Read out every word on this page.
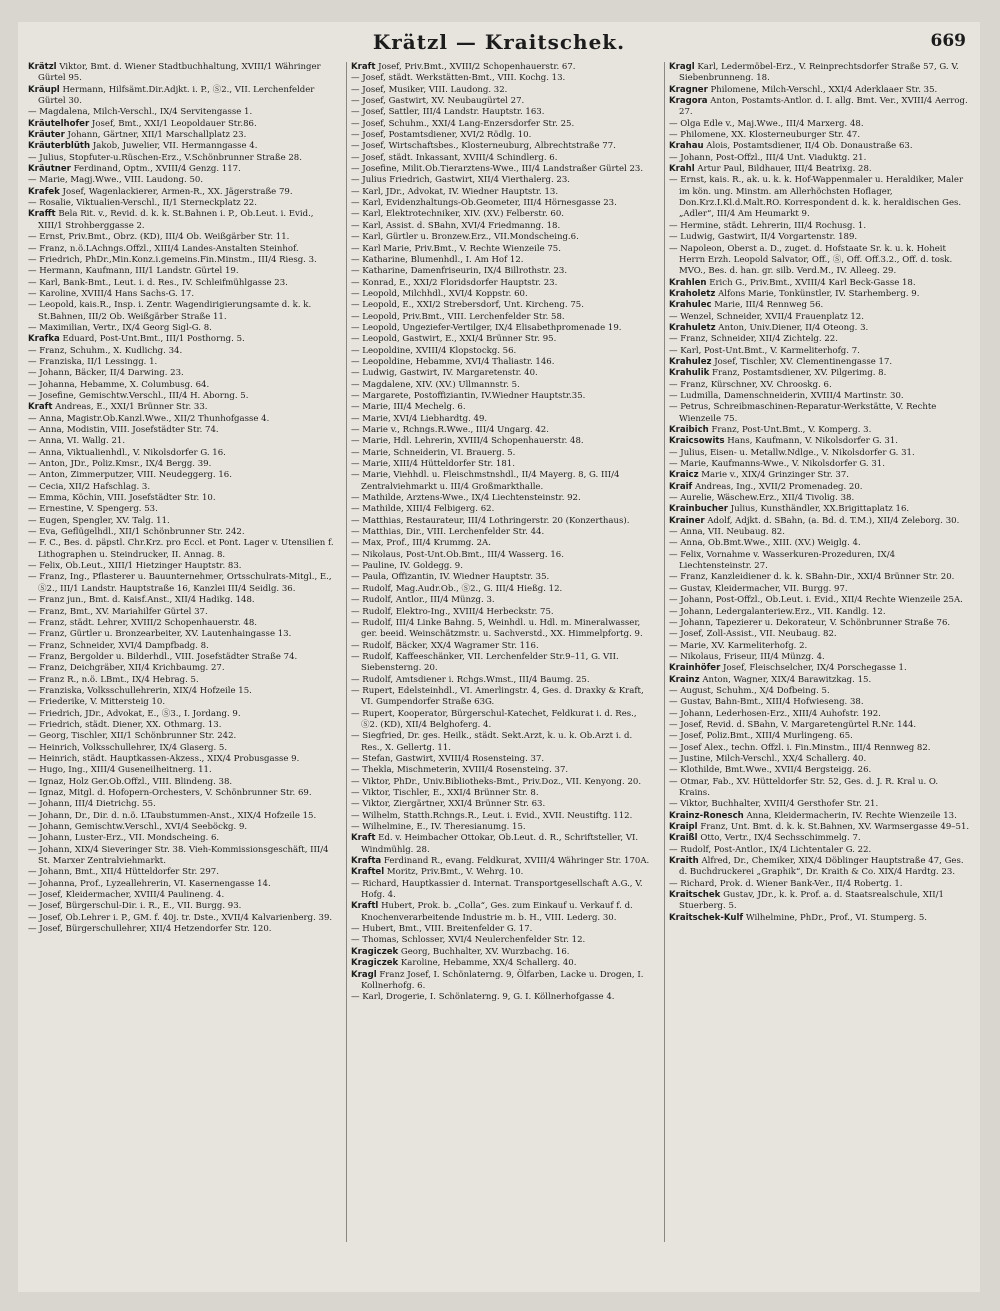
Krätzl — Kraitschek.	669

Krätzl Viktor, Bmt. d. Wiener Stadtbuchhaltung, XVIII/1 Währinger Gürtel 95.

Kräupl Hermann, Hilfsämt.Dir.Adjkt. i. P., Ⓢ2., VII. Lerchenfelder Gürtel 30.

— Magdalena, Milch-Verschl., IX/4 Servitengasse 1.

Kräutelhofer Josef, Bmt., XXI/1 Leopoldauer Str.86.

Kräuter Johann, Gärtner, XII/1 Marschallplatz 23.

Kräuterblüth Jakob, Juwelier, VII. Hermanngasse 4.

— Julius, Stopfuter-u.Rüschen-Erz., V.Schönbrunner Straße 28.

Kräutner Ferdinand, Optm., XVIII/4 Genzg. 117.

— Marie, Magj.Wwe., VIII. Laudong. 50.

Krafek Josef, Wagenlackierer, Armen-R., XX. Jägerstraße 79.

— Rosalie, Viktualien-Verschl., II/1 Sterneckplatz 22.

Krafft Bela Rit. v., Revid. d. k. k. St.Bahnen i. P., Ob.Leut. i. Evid., XIII/1 Strohberggasse 2.

— Ernst, Priv.Bmt., Obrz. (KD), III/4 Ob. Weißgärber Str. 11.

— Franz, n.ö.LAchngs.Offzl., XIII/4 Landes-Anstalten Steinhof.

— Friedrich, PhDr.,Min.Konz.i.gemeins.Fin.Minstm., III/4 Riesg. 3.

— Hermann, Kaufmann, III/1 Landstr. Gürtel 19.

— Karl, Bank-Bmt., Leut. i. d. Res., IV. Schleifmühlgasse 23.

— Karoline, XVIII/4 Hans Sachs-G. 17.

— Leopold, kais.R., Insp. i. Zentr. Wagendirigierungsamte d. k. k. St.Bahnen, III/2 Ob. Weißgärber Straße 11.

— Maximilian, Vertr., IX/4 Georg Sigl-G. 8.

Krafka Eduard, Post-Unt.Bmt., III/1 Posthorng. 5.

— Franz, Schuhm., X. Kudlichg. 34.

— Franziska, II/1 Lessingg. 1.

— Johann, Bäcker, II/4 Darwing. 23.

— Johanna, Hebamme, X. Columbusg. 64.

— Josefine, Gemischtw.Verschl., III/4 H. Aborng. 5.

Kraft Andreas, E., XXI/1 Brünner Str. 33.

— Anna, Magistr.Ob.Kanzl.Wwe., XII/2 Thunhofgasse 4.

— Anna, Modistin, VIII. Josefstädter Str. 74.

— Anna, VI. Wallg. 21.

— Anna, Viktualienhdl., V. Nikolsdorfer G. 16.

— Anton, JDr., Poliz.Kmsr., IX/4 Bergg. 39.

— Anton, Zimmerputzer, VIII. Neudeggerg. 16.

— Cecia, XII/2 Hafschlag. 3.

— Emma, Köchin, VIII. Josefstädter Str. 10.

— Ernestine, V. Spengerg. 53.

— Eugen, Spengler, XV. Talg. 11.

— Eva, Geflügelhdl., XII/1 Schönbrunner Str. 242.

— F. C., Bes. d. päpstl. Chr.Krz. pro Eccl. et Pont. Lager v. Utensilien f. Lithographen u. Steindrucker, II. Annag. 8.

— Felix, Ob.Leut., XIII/1 Hietzinger Hauptstr. 83.

— Franz, Ing., Pflasterer u. Bauunternehmer, Ortsschulrats-Mitgl., E., Ⓢ2., III/1 Landstr. Hauptstraße 16, Kanzlei III/4 Seidlg. 36.

— Franz jun., Bmt. d. Kaisf.Anst., XII/4 Hadikg. 148.

— Franz, Bmt., XV. Mariahilfer Gürtel 37.

— Franz, städt. Lehrer, XVIII/2 Schopenhauerstr. 48.

— Franz, Gürtler u. Bronzearbeiter, XV. Lautenhaingasse 13.

— Franz, Schneider, XVI/4 Dampfbadg. 8.

— Franz, Bergolder u. Bilderhdl., VIII. Josefstädter Straße 74.

— Franz, Deichgräber, XII/4 Krichbaumg. 27.

— Franz R., n.ö. LBmt., IX/4 Hebrag. 5.

— Franziska, Volksschullehrerin, XIX/4 Hofzeile 15.

— Friederike, V. Mittersteig 10.

— Friedrich, JDr., Advokat, E., Ⓢ3., I. Jordang. 9.

— Friedrich, städt. Diener, XX. Othmarg. 13.

— Georg, Tischler, XII/1 Schönbrunner Str. 242.

— Heinrich, Volksschullehrer, IX/4 Glaserg. 5.

— Heinrich, städt. Hauptkassen-Akzess., XIX/4 Probusgasse 9.

— Hugo, Ing., XIII/4 Guseneilheitnerg. 11.

— Ignaz, Holz Ger.Ob.Offzl., VIII. Blindeng. 38.

— Ignaz, Mitgl. d. Hofopern-Orchesters, V. Schönbrunner Str. 69.

— Johann, III/4 Dietrichg. 55.

— Johann, Dr., Dir. d. n.ö. LTaubstummen-Anst., XIX/4 Hofzeile 15.

— Johann, Gemischtw.Verschl., XVI/4 Seeböckg. 9.

— Johann, Luster-Erz., VII. Mondscheing. 6.

— Johann, XIX/4 Sieveringer Str. 38. Vieh-Kommissionsgeschäft, III/4 St. Marxer Zentralviehmarkt.

— Johann, Bmt., XII/4 Hütteldorfer Str. 297.

— Johanna, Prof., Lyzeallehrerin, VI. Kasernengasse 14.

— Josef, Kleidermacher, XVIII/4 Paulineng. 4.

— Josef, Bürgerschul-Dir. i. R., E., VII. Burgg. 93.

— Josef, Ob.Lehrer i. P., GM. f. 40j. tr. Dste., XVII/4 Kalvarienberg. 39.

— Josef, Bürgerschullehrer, XII/4 Hetzendorfer Str. 120.

Kraft Josef, Priv.Bmt., XVIII/2 Schopenhauerstr. 67.

— Josef, städt. Werkstätten-Bmt., VIII. Kochg. 13.

— Josef, Musiker, VIII. Laudong. 32.

— Josef, Gastwirt, XV. Neubaugürtel 27.

— Josef, Sattler, III/4 Landstr. Hauptstr. 163.

— Josef, Schuhm., XXI/4 Lang-Enzersdorfer Str. 25.

— Josef, Postamtsdiener, XVI/2 Rödlg. 10.

— Josef, Wirtschaftsbes., Klosterneuburg, Albrechtstraße 77.

— Josef, städt. Inkassant, XVIII/4 Schindlerg. 6.

— Josefine, Milit.Ob.Tierarztens-Wwe., III/4 Landstraßer Gürtel 23.

— Julius Friedrich, Gastwirt, XII/4 Vierthalerg. 23.

— Karl, JDr., Advokat, IV. Wiedner Hauptstr. 13.

— Karl, Evidenzhaltungs-Ob.Geometer, III/4 Hörnesgasse 23.

— Karl, Elektrotechniker, XIV. (XV.) Felberstr. 60.

— Karl, Assist. d. SBahn, XVI/4 Friedmanng. 18.

— Karl, Gürtler u. Bronzew.Erz., VII.Mondscheing.6.

— Karl Marie, Priv.Bmt., V. Rechte Wienzeile 75.

— Katharine, Blumenhdl., I. Am Hof 12.

— Katharine, Damenfriseurin, IX/4 Billrothstr. 23.

— Konrad, E., XXI/2 Floridsdorfer Hauptstr. 23.

— Leopold, Milchhdl., XVI/4 Koppstr. 60.

— Leopold, E., XXI/2 Strebersdorf, Unt. Kircheng. 75.

— Leopold, Priv.Bmt., VIII. Lerchenfelder Str. 58.

— Leopold, Ungeziefer-Vertilger, IX/4 Elisabethpromenade 19.

— Leopold, Gastwirt, E., XXI/4 Brünner Str. 95.

— Leopoldine, XVIII/4 Klopstockg. 56.

— Leopoldine, Hebamme, XVI/4 Thaliastr. 146.

— Ludwig, Gastwirt, IV. Margaretenstr. 40.

— Magdalene, XIV. (XV.) Ullmannstr. 5.

— Margarete, Postoffiziantin, IV.Wiedner Hauptstr.35.

— Marie, III/4 Mechelg. 6.

— Marie, XVI/4 Liebhardtg. 49.

— Marie v., Rchngs.R.Wwe., III/4 Ungarg. 42.

— Marie, Hdl. Lehrerin, XVIII/4 Schopenhauerstr. 48.

— Marie, Schneiderin, VI. Brauerg. 5.

— Marie, XIII/4 Hütteldorfer Str. 181.

— Marie, Viehhdl. u. Fleischmstnshdl., II/4 Mayerg. 8, G. III/4 Zentralviehmarkt u. III/4 Großmarkthalle.

— Mathilde, Arztens-Wwe., IX/4 Liechtensteinstr. 92.

— Mathilde, XIII/4 Felbigerg. 62.

— Matthias, Restaurateur, III/4 Lothringerstr. 20 (Konzerthaus).

— Matthias, Dir., VIII. Lerchenfelder Str. 44.

— Max, Prof., III/4 Krummg. 2A.

— Nikolaus, Post-Unt.Ob.Bmt., III/4 Wasserg. 16.

— Pauline, IV. Goldegg. 9.

— Paula, Offizantin, IV. Wiedner Hauptstr. 35.

— Rudolf, Mag.Audr.Ob., Ⓢ2., G. III/4 Hießg. 12.

— Rudolf, Antlor., III/4 Münzg. 3.

— Rudolf, Elektro-Ing., XVIII/4 Herbeckstr. 75.

— Rudolf, III/4 Linke Bahng. 5, Weinhdl. u. Hdl. m. Mineralwasser, ger. beeid. Weinschätzmstr. u. Sachverstd., XX. Himmelpfortg. 9.

— Rudolf, Bäcker, XX/4 Wagramer Str. 116.

— Rudolf, Kaffeeschänker, VII. Lerchenfelder Str.9–11, G. VII. Siebensterng. 20.

— Rudolf, Amtsdiener i. Rchgs.Wmst., III/4 Baumg. 25.

— Rupert, Edelsteinhdl., VI. Amerlingstr. 4, Ges. d. Draxky & Kraft, VI. Gumpendorfer Straße 63G.

— Rupert, Kooperator, Bürgerschul-Katechet, Feldkurat i. d. Res., Ⓢ2. (KD), XII/4 Belghoferg. 4.

— Siegfried, Dr. ges. Heilk., städt. Sekt.Arzt, k. u. k. Ob.Arzt i. d. Res., X. Gellertg. 11.

— Stefan, Gastwirt, XVIII/4 Rosensteing. 37.

— Thekla, Mischmeterin, XVIII/4 Rosensteing. 37.

— Viktor, PhDr., Univ.Bibliotheks-Bmt., Priv.Doz., VII. Kenyong. 20.

— Viktor, Tischler, E., XXI/4 Brünner Str. 8.

— Viktor, Ziergärtner, XXI/4 Brünner Str. 63.

— Wilhelm, Statth.Rchngs.R., Leut. i. Evid., XVII. Neustiftg. 112.

— Wilhelmine, E., IV. Theresianumg. 15.

Kraft Ed. v. Heimbacher Ottokar, Ob.Leut. d. R., Schriftsteller, VI. Windmühlg. 28.

Krafta Ferdinand R., evang. Feldkurat, XVIII/4 Währinger Str. 170A.

Kraftel Moritz, Priv.Bmt., V. Wehrg. 10.

— Richard, Hauptkassier d. Internat. Transportgesellschaft A.G., V. Hofg. 4.

Kraftl Hubert, Prok. b. „Colla“, Ges. zum Einkauf u. Verkauf f. d. Knochenverarbeitende Industrie m. b. H., VIII. Lederg. 30.

— Hubert, Bmt., VIII. Breitenfelder G. 17.

— Thomas, Schlosser, XVI/4 Neulerchenfelder Str. 12.

Kragiczek Georg, Buchhalter, XV. Wurzbachg. 16.

Kragiczek Karoline, Hebamme, XX/4 Schallerg. 40.

Kragl Franz Josef, I. Schönlaterng. 9, Ölfarben, Lacke u. Drogen, I. Kollnerhofg. 6.

— Karl, Drogerie, I. Schönlaterng. 9, G. I. Köllnerhofgasse 4.

Kragl Karl, Ledermöbel-Erz., V. Reinprechtsdorfer Straße 57, G. V. Siebenbrunneng. 18.

Kragner Philomene, Milch-Verschl., XXI/4 Aderklaaer Str. 35.

Kragora Anton, Postamts-Antlor. d. I. allg. Bmt. Ver., XVIII/4 Aerrog. 27.

— Olga Edle v., Maj.Wwe., III/4 Marxerg. 48.

— Philomene, XX. Klosterneuburger Str. 47.

Krahau Alois, Postamtsdiener, II/4 Ob. Donaustraße 63.

— Johann, Post-Offzl., III/4 Unt. Viaduktg. 21.

Krahl Artur Paul, Bildhauer, III/4 Beatrixg. 28.

— Ernst, kais. R., ak. u. k. k. Hof-Wappenmaler u. Heraldiker, Maler im kön. ung. Minstm. am Allerhöchsten Hoflager, Don.Krz.I.Kl.d.Malt.RO. Korrespondent d. k. k. heraldischen Ges. „Adler“, III/4 Am Heumarkt 9.

— Hermine, städt. Lehrerin, III/4 Rochusg. 1.

— Ludwig, Gastwirt, II/4 Vorgartenstr. 189.

— Napoleon, Oberst a. D., zuget. d. Hofstaate Sr. k. u. k. Hoheit Herrn Erzh. Leopold Salvator, Off., Ⓢ, Off. Off.3.2., Off. d. tosk. MVO., Bes. d. han. gr. silb. Verd.M., IV. Alleeg. 29.

Krahlen Erich G., Priv.Bmt., XVIII/4 Karl Beck-Gasse 18.

Kraholetz Alfons Marie, Tonkünstler, IV. Starhemberg. 9.

Krahulec Marie, III/4 Rennweg 56.

— Wenzel, Schneider, XVII/4 Frauenplatz 12.

Krahuletz Anton, Univ.Diener, II/4 Oteong. 3.

— Franz, Schneider, XII/4 Zichtelg. 22.

— Karl, Post-Unt.Bmt., V. Karmeliterhofg. 7.

Krahulez Josef, Tischler, XV. Clementinengasse 17.

Krahulik Franz, Postamtsdiener, XV. Pilgerimg. 8.

— Franz, Kürschner, XV. Chrooskg. 6.

— Ludmilla, Damenschneiderin, XVIII/4 Martinstr. 30.

— Petrus, Schreibmaschinen-Reparatur-Werkstätte, V. Rechte Wienzeile 75.

Kraibich Franz, Post-Unt.Bmt., V. Komperg. 3.

Kraicsowits Hans, Kaufmann, V. Nikolsdorfer G. 31.

— Julius, Eisen- u. Metallw.Ndlge., V. Nikolsdorfer G. 31.

— Marie, Kaufmanns-Wwe., V. Nikolsdorfer G. 31.

Kraicz Marie v., XIX/4 Grinzinger Str. 37.

Kraif Andreas, Ing., XVII/2 Promenadeg. 20.

— Aurelie, Wäschew.Erz., XII/4 Tivolig. 38.

Krainbucher Julius, Kunsthändler, XX.Brigittaplatz 16.

Krainer Adolf, Adjkt. d. SBahn, (a. Bd. d. T.M.), XII/4 Zeleborg. 30.

— Anna, VII. Neubaug. 82.

— Anna, Ob.Bmt.Wwe., XIII. (XV.) Weiglg. 4.

— Felix, Vornahme v. Wasserkuren-Prozeduren, IX/4 Liechtensteinstr. 27.

— Franz, Kanzleidiener d. k. k. SBahn-Dir., XXI/4 Brünner Str. 20.

— Gustav, Kleidermacher, VII. Burgg. 97.

— Johann, Post-Offzl., Ob.Leut. i. Evid., XII/4 Rechte Wienzeile 25A.

— Johann, Ledergalanteriew.Erz., VII. Kandlg. 12.

— Johann, Tapezierer u. Dekorateur, V. Schönbrunner Straße 76.

— Josef, Zoll-Assist., VII. Neubaug. 82.

— Marie, XV. Karmeliterhofg. 2.

— Nikolaus, Friseur, III/4 Münzg. 4.

Krainhöfer Josef, Fleischselcher, IX/4 Porschegasse 1.

Krainz Anton, Wagner, XIX/4 Barawitzkag. 15.

— August, Schuhm., X/4 Dofbeing. 5.

— Gustav, Bahn-Bmt., XIII/4 Hofwieseng. 38.

— Johann, Lederhosen-Erz., XIII/4 Auhofstr. 192.

— Josef, Revid. d. SBahn, V. Margaretengürtel R.Nr. 144.

— Josef, Poliz.Bmt., XIII/4 Murlingeng. 65.

— Josef Alex., techn. Offzl. i. Fin.Minstm., III/4 Rennweg 82.

— Justine, Milch-Verschl., XX/4 Schallerg. 40.

— Klothilde, Bmt.Wwe., XVII/4 Bergsteigg. 26.

— Otmar, Fab., XV. Hütteldorfer Str. 52, Ges. d. J. R. Kral u. O. Krains.

— Viktor, Buchhalter, XVIII/4 Gersthofer Str. 21.

Krainz-Ronesch Anna, Kleidermacherin, IV. Rechte Wienzeile 13.

Kraipl Franz, Unt. Bmt. d. k. k. St.Bahnen, XV. Warmsergasse 49–51.

Kraißl Otto, Vertr., IX/4 Sechsschimmelg. 7.

— Rudolf, Post-Antlor., IX/4 Lichtentaler G. 22.

Kraith Alfred, Dr., Chemiker, XIX/4 Döblinger Hauptstraße 47, Ges. d. Buchdruckerei „Graphik“, Dr. Kraith & Co. XIX/4 Hardtg. 23.

— Richard, Prok. d. Wiener Bank-Ver., II/4 Robertg. 1.

Kraitschek Gustav, JDr., k. k. Prof. a. d. Staatsrealschule, XII/1 Stuerberg. 5.

Kraitschek-Kulf Wilhelmine, PhDr., Prof., VI. Stumperg. 5.
